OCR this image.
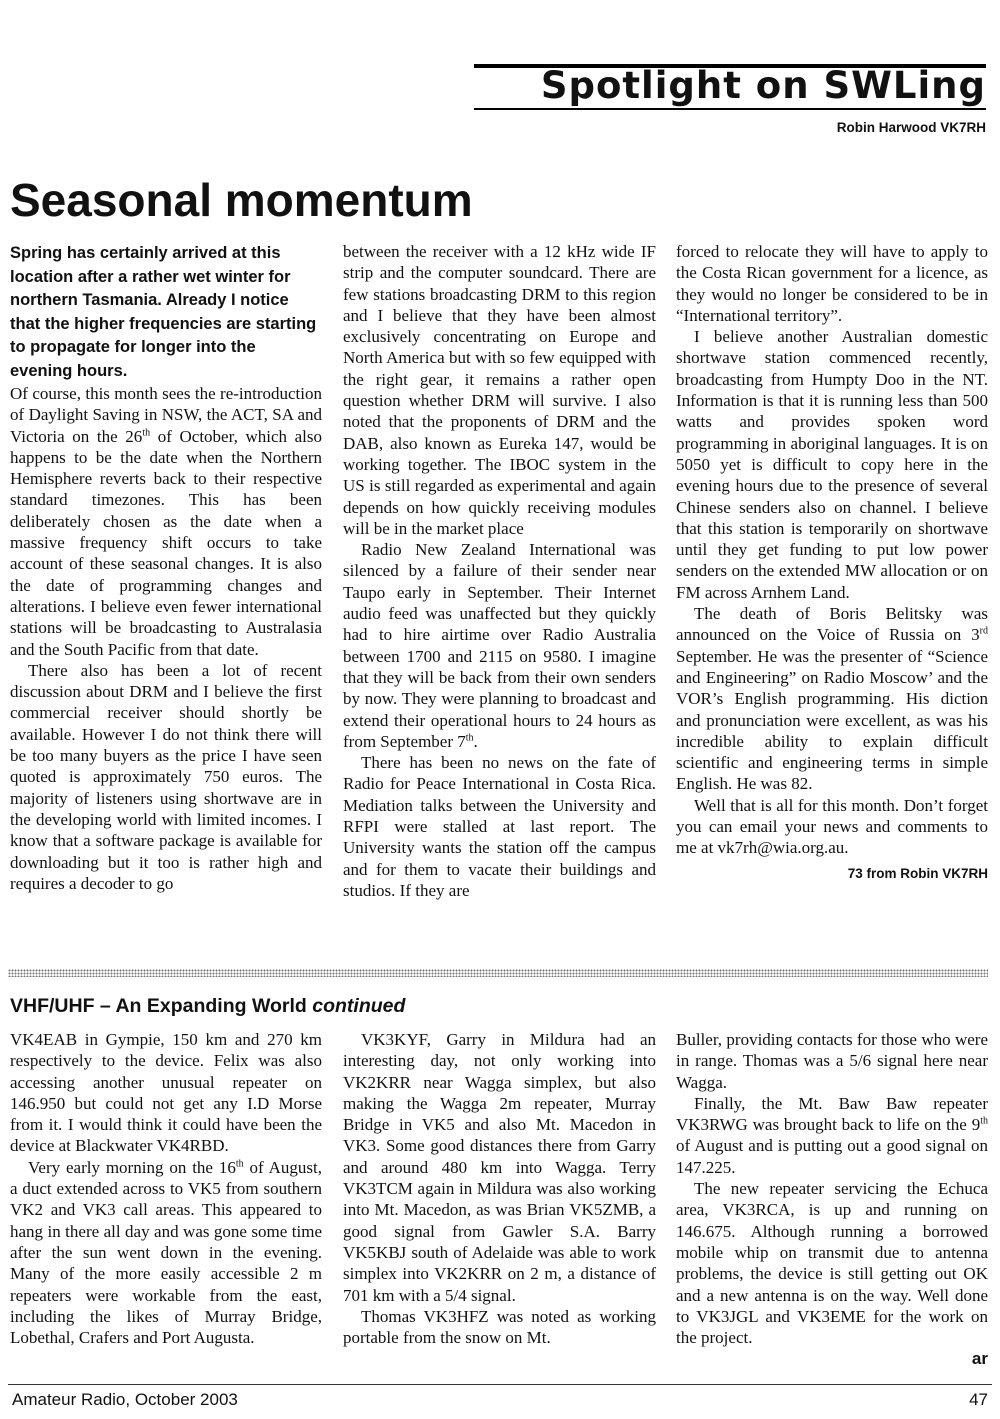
Spotlight on SWLing
Robin Harwood VK7RH
Seasonal momentum

Spring has certainly arrived at this location after a rather wet winter for northern Tasmania. Already I notice that the higher frequencies are starting to propagate for longer into the evening hours.

Of course, this month sees the re-introduction of Daylight Saving in NSW, the ACT, SA and Victoria on the 26th of October, which also happens to be the date when the Northern Hemisphere reverts back to their respective standard timezones. This has been deliberately chosen as the date when a massive frequency shift occurs to take account of these seasonal changes. It is also the date of programming changes and alterations. I believe even fewer international stations will be broadcasting to Australasia and the South Pacific from that date.

There also has been a lot of recent discussion about DRM and I believe the first commercial receiver should shortly be available. However I do not think there will be too many buyers as the price I have seen quoted is approximately 750 euros. The majority of listeners using shortwave are in the developing world with limited incomes. I know that a software package is available for downloading but it too is rather high and requires a decoder to go

between the receiver with a 12 kHz wide IF strip and the computer soundcard. There are few stations broadcasting DRM to this region and I believe that they have been almost exclusively concentrating on Europe and North America but with so few equipped with the right gear, it remains a rather open question whether DRM will survive. I also noted that the proponents of DRM and the DAB, also known as Eureka 147, would be working together. The IBOC system in the US is still regarded as experimental and again depends on how quickly receiving modules will be in the market place

Radio New Zealand International was silenced by a failure of their sender near Taupo early in September. Their Internet audio feed was unaffected but they quickly had to hire airtime over Radio Australia between 1700 and 2115 on 9580. I imagine that they will be back from their own senders by now. They were planning to broadcast and extend their operational hours to 24 hours as from September 7th.

There has been no news on the fate of Radio for Peace International in Costa Rica. Mediation talks between the University and RFPI were stalled at last report. The University wants the station off the campus and for them to vacate their buildings and studios. If they are

forced to relocate they will have to apply to the Costa Rican government for a licence, as they would no longer be considered to be in “International territory”.

I believe another Australian domestic shortwave station commenced recently, broadcasting from Humpty Doo in the NT. Information is that it is running less than 500 watts and provides spoken word programming in aboriginal languages. It is on 5050 yet is difficult to copy here in the evening hours due to the presence of several Chinese senders also on channel. I believe that this station is temporarily on shortwave until they get funding to put low power senders on the extended MW allocation or on FM across Arnhem Land.

The death of Boris Belitsky was announced on the Voice of Russia on 3rd September. He was the presenter of “Science and Engineering” on Radio Moscow’ and the VOR’s English programming. His diction and pronunciation were excellent, as was his incredible ability to explain difficult scientific and engineering terms in simple English. He was 82.

Well that is all for this month. Don’t forget you can email your news and comments to me at vk7rh@wia.org.au.

73 from Robin VK7RH
VHF/UHF – An Expanding World continued

VK4EAB in Gympie, 150 km and 270 km respectively to the device. Felix was also accessing another unusual repeater on 146.950 but could not get any I.D Morse from it. I would think it could have been the device at Blackwater VK4RBD.

Very early morning on the 16th of August, a duct extended across to VK5 from southern VK2 and VK3 call areas. This appeared to hang in there all day and was gone some time after the sun went down in the evening. Many of the more easily accessible 2 m repeaters were workable from the east, including the likes of Murray Bridge, Lobethal, Crafers and Port Augusta.

VK3KYF, Garry in Mildura had an interesting day, not only working into VK2KRR near Wagga simplex, but also making the Wagga 2m repeater, Murray Bridge in VK5 and also Mt. Macedon in VK3. Some good distances there from Garry and around 480 km into Wagga. Terry VK3TCM again in Mildura was also working into Mt. Macedon, as was Brian VK5ZMB, a good signal from Gawler S.A. Barry VK5KBJ south of Adelaide was able to work simplex into VK2KRR on 2 m, a distance of 701 km with a 5/4 signal.

Thomas VK3HFZ was noted as working portable from the snow on Mt.

Buller, providing contacts for those who were in range. Thomas was a 5/6 signal here near Wagga.

Finally, the Mt. Baw Baw repeater VK3RWG was brought back to life on the 9th of August and is putting out a good signal on 147.225.

The new repeater servicing the Echuca area, VK3RCA, is up and running on 146.675. Although running a borrowed mobile whip on transmit due to antenna problems, the device is still getting out OK and a new antenna is on the way. Well done to VK3JGL and VK3EME for the work on the project.

ar
Amateur Radio, October 2003	47
